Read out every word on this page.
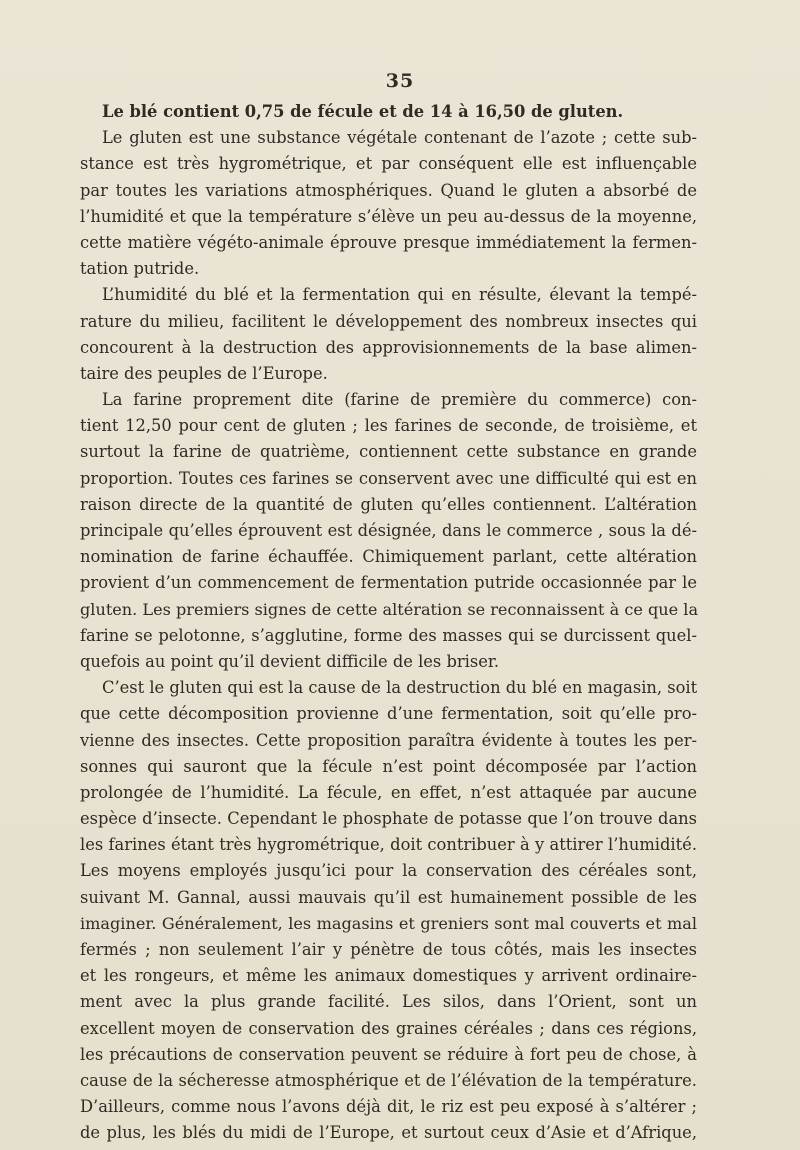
35
Le blé contient 0,75 de fécule et de 14 à 16,50 de gluten.
Le gluten est une substance végétale contenant de l’azote ; cette sub-
stance est très hygrométrique, et par conséquent elle est influençable
par toutes les variations atmosphériques. Quand le gluten a absorbé de
l’humidité et que la température s’élève un peu au-dessus de la moyenne,
cette matière végéto-animale éprouve presque immédiatement la fermen-
tation putride.
L’humidité du blé et la fermentation qui en résulte, élevant la tempé-
rature du milieu, facilitent le développement des nombreux insectes qui
concourent à la destruction des approvisionnements de la base alimen-
taire des peuples de l’Europe.
La farine proprement dite (farine de première du commerce) con-
tient 12,50 pour cent de gluten ; les farines de seconde, de troisième, et
surtout la farine de quatrième, contiennent cette substance en grande
proportion. Toutes ces farines se conservent avec une difficulté qui est en
raison directe de la quantité de gluten qu’elles contiennent. L’altération
principale qu’elles éprouvent est désignée, dans le commerce , sous la dé-
nomination de farine échauffée. Chimiquement parlant, cette altération
provient d’un commencement de fermentation putride occasionnée par le
gluten. Les premiers signes de cette altération se reconnaissent à ce que la
farine se pelotonne, s’agglutine, forme des masses qui se durcissent quel-
quefois au point qu’il devient difficile de les briser.
C’est le gluten qui est la cause de la destruction du blé en magasin, soit
que cette décomposition provienne d’une fermentation, soit qu’elle pro-
vienne des insectes. Cette proposition paraîtra évidente à toutes les per-
sonnes qui sauront que la fécule n’est point décomposée par l’action
prolongée de l’humidité. La fécule, en effet, n’est attaquée par aucune
espèce d’insecte. Cependant le phosphate de potasse que l’on trouve dans
les farines étant très hygrométrique, doit contribuer à y attirer l’humidité.
Les moyens employés jusqu’ici pour la conservation des céréales sont,
suivant M. Gannal, aussi mauvais qu’il est humainement possible de les
imaginer. Généralement, les magasins et greniers sont mal couverts et mal
fermés ; non seulement l’air y pénètre de tous côtés, mais les insectes
et les rongeurs, et même les animaux domestiques y arrivent ordinaire-
ment avec la plus grande facilité. Les silos, dans l’Orient, sont un
excellent moyen de conservation des graines céréales ; dans ces régions,
les précautions de conservation peuvent se réduire à fort peu de chose, à
cause de la sécheresse atmosphérique et de l’élévation de la température.
D’ailleurs, comme nous l’avons déjà dit, le riz est peu exposé à s’altérer ;
de plus, les blés du midi de l’Europe, et surtout ceux d’Asie et d’Afrique,
